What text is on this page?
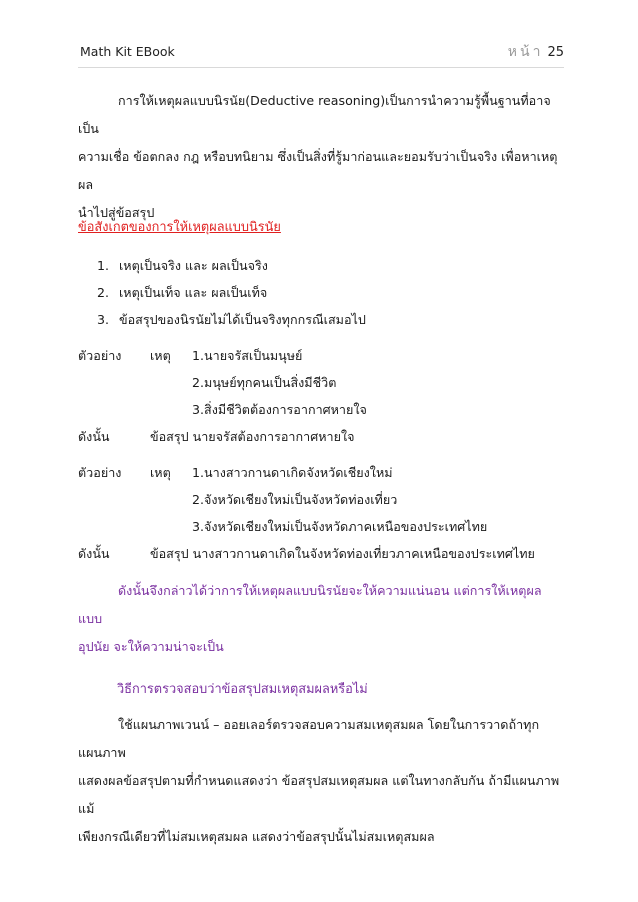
Math Kit EBook	หน้า 25
การให้เหตุผลแบบนิรนัย(Deductive reasoning)เป็นการนำความรู้พื้นฐานที่อาจเป็น
ความเชื่อ ข้อตกลง กฎ หรือบทนิยาม ซึ่งเป็นสิ่งที่รู้มาก่อนและยอมรับว่าเป็นจริง เพื่อหาเหตุผล
นำไปสู่ข้อสรุป
ข้อสังเกตของการให้เหตุผลแบบนิรนัย
1. เหตุเป็นจริง และ ผลเป็นจริง
2. เหตุเป็นเท็จ และ ผลเป็นเท็จ
3. ข้อสรุปของนิรนัยไม่ได้เป็นจริงทุกกรณีเสมอไป
ตัวอย่าง เหตุ 1.นายจรัสเป็นมนุษย์
2.มนุษย์ทุกคนเป็นสิ่งมีชีวิต
3.สิ่งมีชีวิตต้องการอากาศหายใจ
ดังนั้น	ข้อสรุป นายจรัสต้องการอากาศหายใจ
ตัวอย่าง เหตุ 1.นางสาวกานดาเกิดจังหวัดเชียงใหม่
2.จังหวัดเชียงใหม่เป็นจังหวัดท่องเที่ยว
3.จังหวัดเชียงใหม่เป็นจังหวัดภาคเหนือของประเทศไทย
ดังนั้น	ข้อสรุป นางสาวกานดาเกิดในจังหวัดท่องเที่ยวภาคเหนือของประเทศไทย
ดังนั้นจึงกล่าวได้ว่าการให้เหตุผลแบบนิรนัยจะให้ความแน่นอน แต่การให้เหตุผลแบบ
อุปนัย จะให้ความน่าจะเป็น
วิธีการตรวจสอบว่าข้อสรุปสมเหตุสมผลหรือไม่
ใช้แผนภาพเวนน์ – ออยเลอร์ตรวจสอบความสมเหตุสมผล โดยในการวาดถ้าทุกแผนภาพ
แสดงผลข้อสรุปตามที่กำหนดแสดงว่า ข้อสรุปสมเหตุสมผล แต่ในทางกลับกัน ถ้ามีแผนภาพแม้
เพียงกรณีเดียวที่ไม่สมเหตุสมผล แสดงว่าข้อสรุปนั้นไม่สมเหตุสมผล
